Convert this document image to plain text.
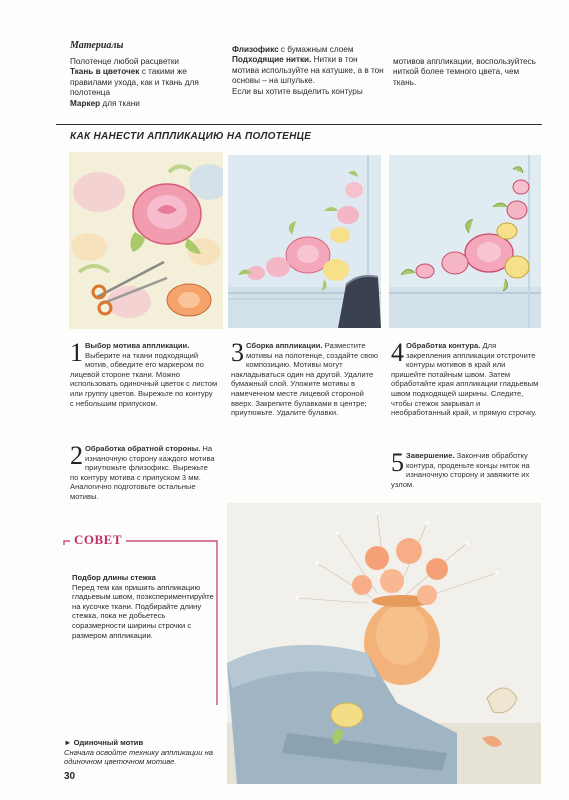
Материалы

Полотенце любой расцветки

Ткань в цветочек с такими же правилами ухода, как и ткань для полотенца

Маркер для ткани

Флизофикс с бумажным слоем

Подходящие нитки. Нитки в тон мотива используйте на катушке, а в тон основы – на шпульке.

Если вы хотите выделить контуры

мотивов аппликации, воспользуйтесь ниткой более темного цвета, чем ткань.

КАК НАНЕСТИ АППЛИКАЦИЮ НА ПОЛОТЕНЦЕ
1 Выбор мотива аппликации. Выберите на ткани подходящий мотив, обведите его маркером по лицевой стороне ткани. Можно использовать одиночный цветок с листом или группу цветов. Вырежьте по контуру с небольшим припуском.
2 Обработка обратной стороны. На изнаночную сторону каждого мотива приутюжьте флизофикс. Вырежьте по контуру мотива с припуском 3 мм. Аналогично подготовьте остальные мотивы.
3 Сборка аппликации. Разместите мотивы на полотенце, создайте свою композицию. Мотивы могут накладываться один на другой. Удалите бумажный слой. Уложите мотивы в намеченном месте лицевой стороной вверх. Закрепите булавками в центре; приутюжьте. Удалите булавки.
4 Обработка контура. Для закрепления аппликации отстрочите контуры мотивов в край или пришейте потайным швом. Затем обработайте края аппликации гладьевым швом подходящей ширины. Следите, чтобы стежок закрывал и необработанный край, и прямую строчку.
5 Завершение. Закончив обработку контура, проденьте концы ниток на изнаночную сторону и завяжите их узлом.
СОВЕТ
Подбор длины стежка
Перед тем как пришить аппликацию гладьевым швом, поэкспериментируйте на кусочке ткани. Подбирайте длину стежка, пока не добьетесь соразмерности ширины строчки с размером аппликации.
► Одиночный мотив
Сначала освойте технику аппликации на одиночном цветочном мотиве.
30
